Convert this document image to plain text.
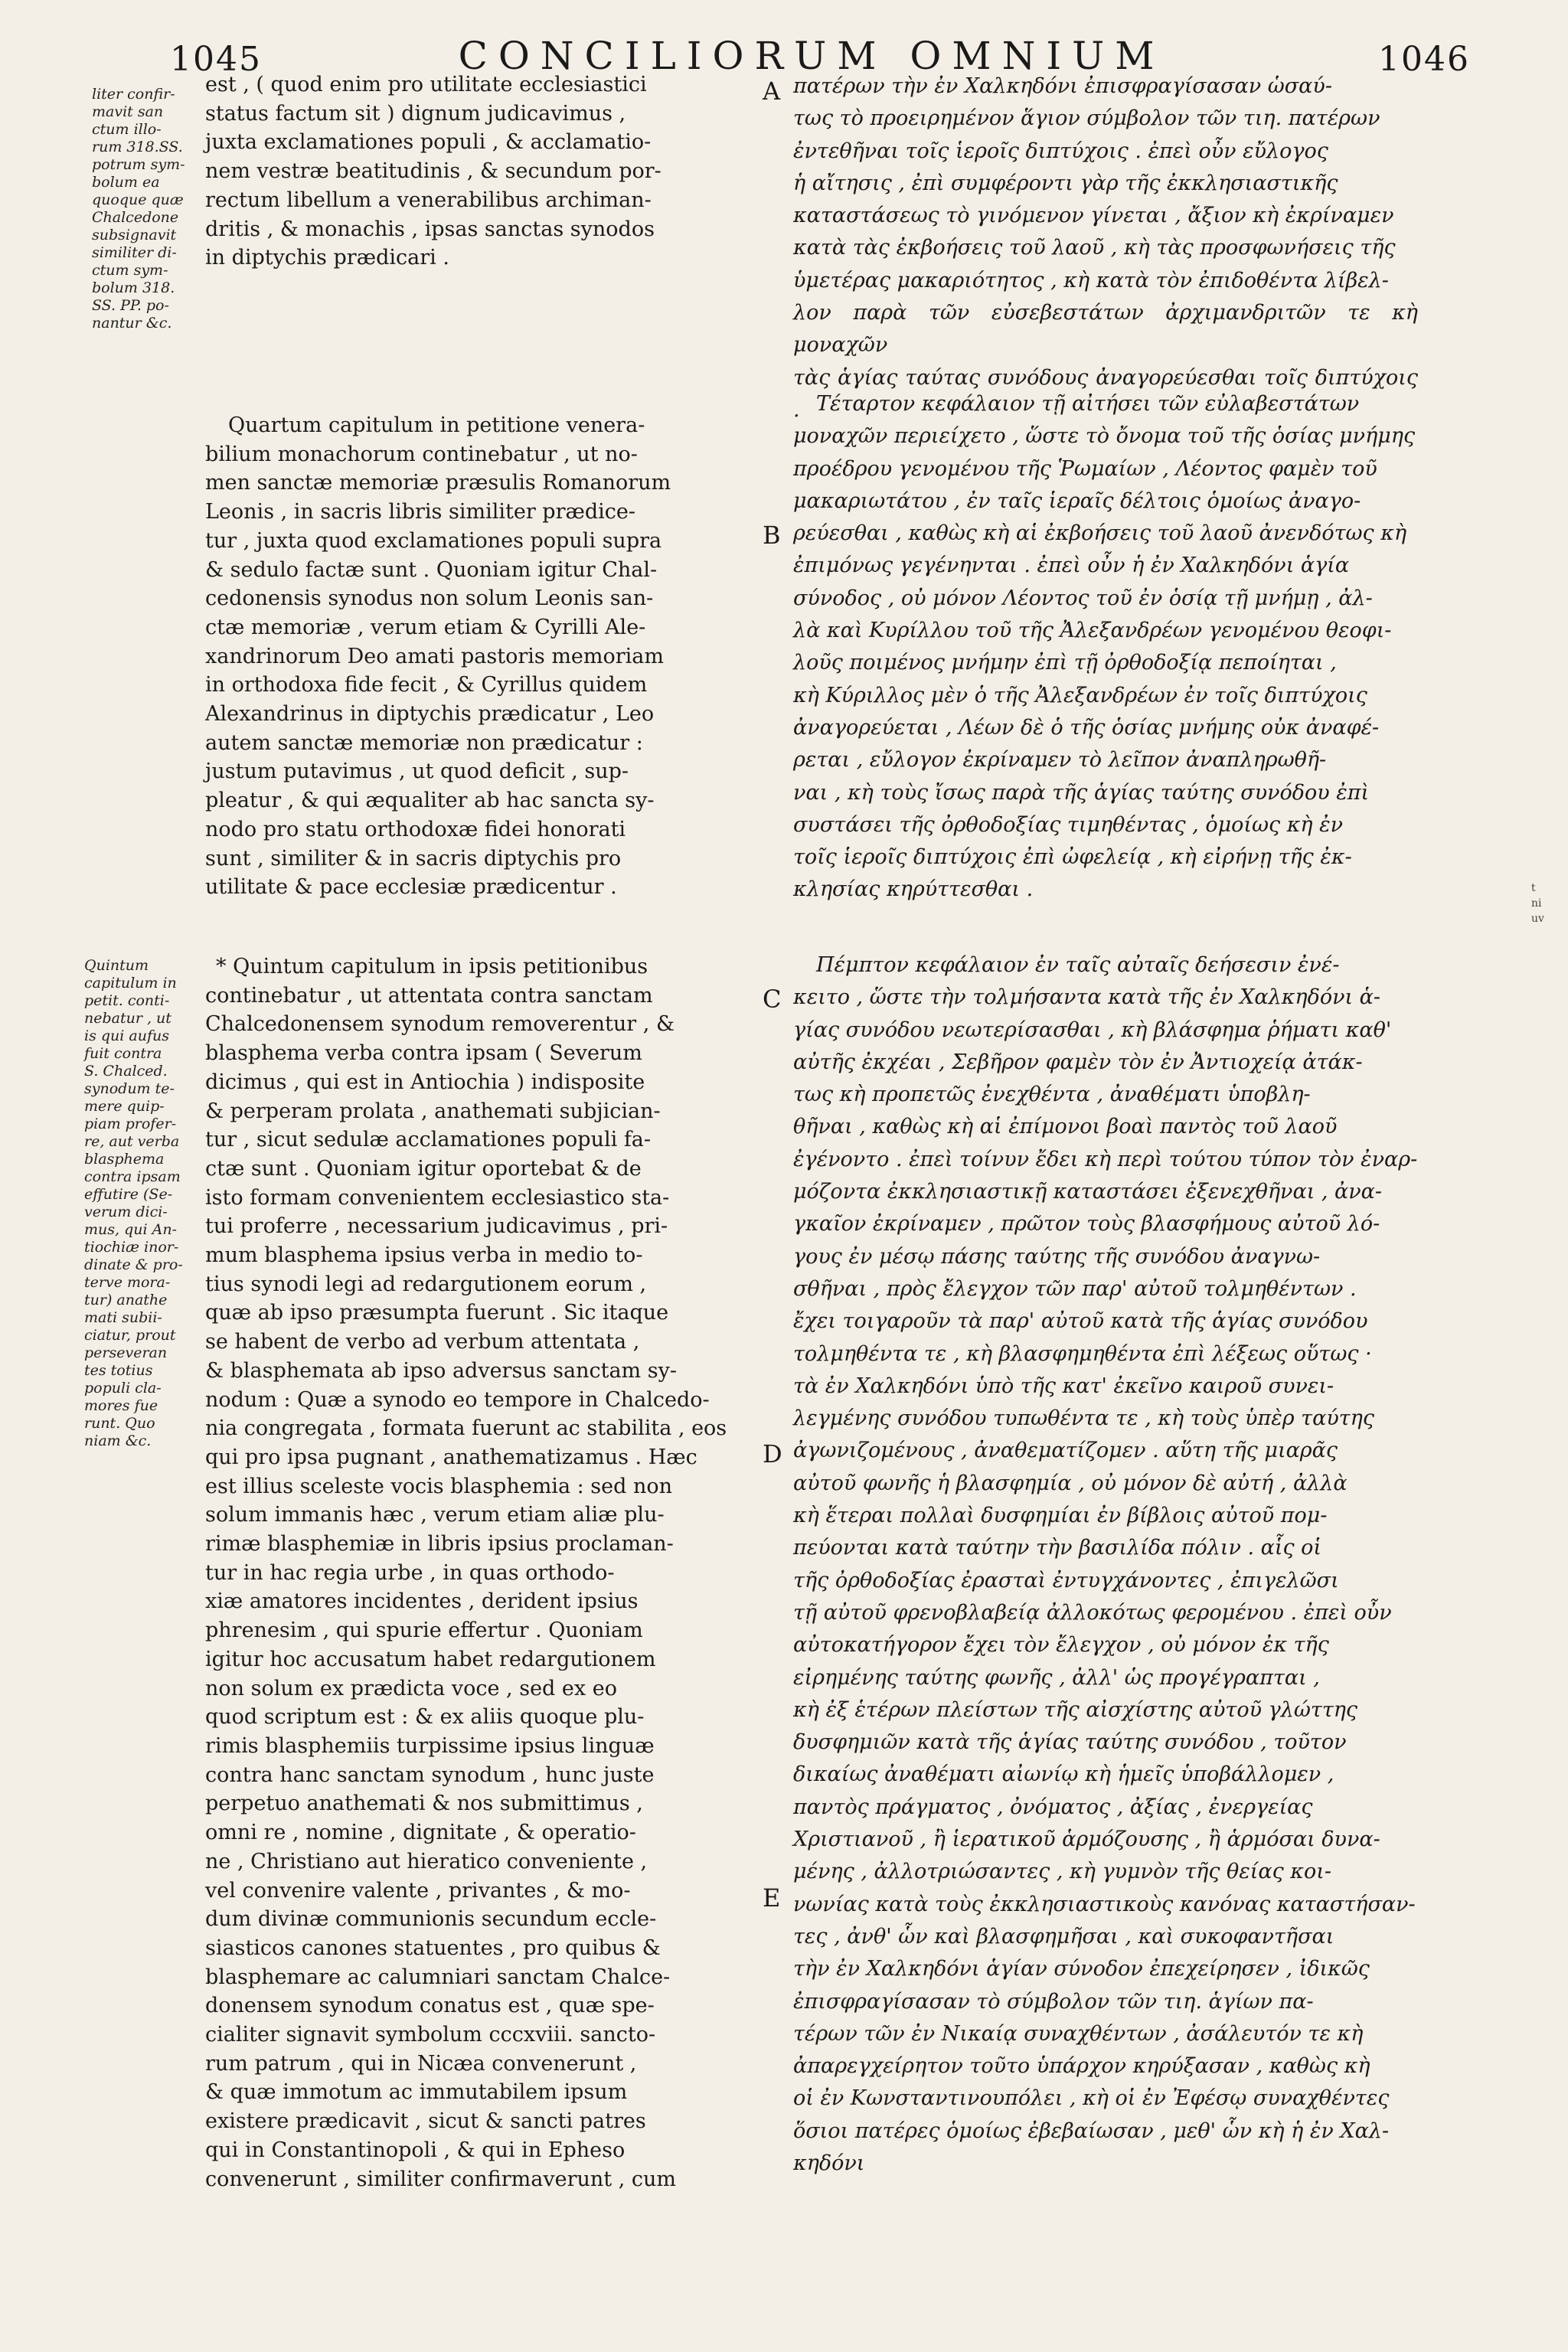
1045	CONCILIORUM OMNIUM	1046
liter confir-
mavit san
ctum illo-
rum 318.SS.
potrum sym-
bolum ea
quoque quæ
Chalcedone
subsignavit
similiter di-
ctum sym-
bolum 318.
SS. PP. po-
nantur &c.
Quintum
capitulum in
petit. conti-
nebatur , ut
is qui aufus
fuit contra
S. Chalced.
synodum te-
mere quip-
piam profer-
re, aut verba
blasphema
contra ipsam
effutire (Se-
verum dici-
mus, qui An-
tiochiæ inor-
dinate & pro-
terve mora-
tur) anathe
mati subii-
ciatur, prout
perseveran
tes totius
populi cla-
mores fue
runt. Quo
niam &c.

est , ( quod enim pro utilitate ecclesiastici
status factum sit ) dignum judicavimus ,
juxta exclamationes populi , & acclamatio-
nem vestræ beatitudinis , & secundum por-
rectum libellum a venerabilibus archiman-
dritis , & monachis , ipsas sanctas synodos
in diptychis prædicari .

Quartum capitulum in petitione venera-
bilium monachorum continebatur , ut no-
men sanctæ memoriæ præsulis Romanorum
Leonis , in sacris libris similiter prædice-
tur , juxta quod exclamationes populi supra
& sedulo factæ sunt . Quoniam igitur Chal-
cedonensis synodus non solum Leonis san-
ctæ memoriæ , verum etiam & Cyrilli Ale-
xandrinorum Deo amati pastoris memoriam
in orthodoxa fide fecit , & Cyrillus quidem
Alexandrinus in diptychis prædicatur , Leo
autem sanctæ memoriæ non prædicatur :
justum putavimus , ut quod deficit , sup-
pleatur , & qui æqualiter ab hac sancta sy-
nodo pro statu orthodoxæ fidei honorati
sunt , similiter & in sacris diptychis pro
utilitate & pace ecclesiæ prædicentur .

* Quintum capitulum in ipsis petitionibus
continebatur , ut attentata contra sanctam
Chalcedonensem synodum removerentur , &
blasphema verba contra ipsam ( Severum
dicimus , qui est in Antiochia ) indisposite
& perperam prolata , anathemati subjician-
tur , sicut sedulæ acclamationes populi fa-
ctæ sunt . Quoniam igitur oportebat & de
isto formam convenientem ecclesiastico sta-
tui proferre , necessarium judicavimus , pri-
mum blasphema ipsius verba in medio to-
tius synodi legi ad redargutionem eorum ,
quæ ab ipso præsumpta fuerunt . Sic itaque
se habent de verbo ad verbum attentata ,
& blasphemata ab ipso adversus sanctam sy-
nodum : Quæ a synodo eo tempore in Chalcedo-
nia congregata , formata fuerunt ac stabilita , eos
qui pro ipsa pugnant , anathematizamus . Hæc
est illius sceleste vocis blasphemia : sed non
solum immanis hæc , verum etiam aliæ plu-
rimæ blasphemiæ in libris ipsius proclaman-
tur in hac regia urbe , in quas orthodo-
xiæ amatores incidentes , derident ipsius
phrenesim , qui spurie effertur . Quoniam
igitur hoc accusatum habet redargutionem
non solum ex prædicta voce , sed ex eo
quod scriptum est : & ex aliis quoque plu-
rimis blasphemiis turpissime ipsius linguæ
contra hanc sanctam synodum , hunc juste
perpetuo anathemati & nos submittimus ,
omni re , nomine , dignitate , & operatio-
ne , Christiano aut hieratico conveniente ,
vel convenire valente , privantes , & mo-
dum divinæ communionis secundum eccle-
siasticos canones statuentes , pro quibus &
blasphemare ac calumniari sanctam Chalce-
donensem synodum conatus est , quæ spe-
cialiter signavit symbolum cccxviii. sancto-
rum patrum , qui in Nicæa convenerunt ,
& quæ immotum ac immutabilem ipsum
existere prædicavit , sicut & sancti patres
qui in Constantinopoli , & qui in Epheso
convenerunt , similiter confirmaverunt , cum

A
B
C
D
E

πατέρων τὴν ἐν Χαλκηδόνι ἐπισφραγίσασαν ὡσαύ-
τως τὸ προειρημένον ἅγιον σύμβολον τῶν τιη. πατέρων
ἐντεθῆναι τοῖς ἱεροῖς διπτύχοις . ἐπεὶ οὖν εὔλογος
ἡ αἴτησις , ἐπὶ συμφέροντι γὰρ τῆς ἐκκλησιαστικῆς
καταστάσεως τὸ γινόμενον γίνεται , ἄξιον κὴ ἐκρίναμεν
κατὰ τὰς ἐκβοήσεις τοῦ λαοῦ , κὴ τὰς προσφωνήσεις τῆς
ὑμετέρας μακαριότητος , κὴ κατὰ τὸν ἐπιδοθέντα λίβελ-
λον παρὰ τῶν εὐσεβεστάτων ἀρχιμανδριτῶν τε κὴ μοναχῶν
τὰς ἁγίας ταύτας συνόδους ἀναγορεύεσθαι τοῖς διπτύχοις . Τέταρτον κεφάλαιον τῇ αἰτήσει τῶν εὐλαβεστάτων
μοναχῶν περιείχετο , ὥστε τὸ ὄνομα τοῦ τῆς ὁσίας μνήμης
προέδρου γενομένου τῆς Ῥωμαίων , Λέοντος φαμὲν τοῦ
μακαριωτάτου , ἐν ταῖς ἱεραῖς δέλτοις ὁμοίως ἀναγο-
ρεύεσθαι , καθὼς κὴ αἱ ἐκβοήσεις τοῦ λαοῦ ἀνενδότως κὴ
ἐπιμόνως γεγένηνται . ἐπεὶ οὖν ἡ ἐν Χαλκηδόνι ἁγία
σύνοδος , οὐ μόνον Λέοντος τοῦ ἐν ὁσίᾳ τῇ μνήμῃ , ἀλ-
λὰ καὶ Κυρίλλου τοῦ τῆς Ἀλεξανδρέων γενομένου θεοφι-
λοῦς ποιμένος μνήμην ἐπὶ τῇ ὀρθοδοξίᾳ πεποίηται ,
κὴ Κύριλλος μὲν ὁ τῆς Ἀλεξανδρέων ἐν τοῖς διπτύχοις
ἀναγορεύεται , Λέων δὲ ὁ τῆς ὁσίας μνήμης οὐκ ἀναφέ-
ρεται , εὔλογον ἐκρίναμεν τὸ λεῖπον ἀναπληρωθῆ-
ναι , κὴ τοὺς ἴσως παρὰ τῆς ἁγίας ταύτης συνόδου ἐπὶ
συστάσει τῆς ὀρθοδοξίας τιμηθέντας , ὁμοίως κὴ ἐν
τοῖς ἱεροῖς διπτύχοις ἐπὶ ὠφελείᾳ , κὴ εἰρήνῃ τῆς ἐκ-
κλησίας κηρύττεσθαι .

Πέμπτον κεφάλαιον ἐν ταῖς αὐταῖς δεήσεσιν ἐνέ-
κειτο , ὥστε τὴν τολμήσαντα κατὰ τῆς ἐν Χαλκηδόνι ἁ-
γίας συνόδου νεωτερίσασθαι , κὴ βλάσφημα ῥήματι καθ'
αὐτῆς ἐκχέαι , Σεβῆρον φαμὲν τὸν ἐν Ἀντιοχείᾳ ἀτάκ-
τως κὴ προπετῶς ἐνεχθέντα , ἀναθέματι ὑποβλη-
θῆναι , καθὼς κὴ αἱ ἐπίμονοι βοαὶ παντὸς τοῦ λαοῦ
ἐγένοντο . ἐπεὶ τοίνυν ἔδει κὴ περὶ τούτου τύπον τὸν ἐναρ-
μόζοντα ἐκκλησιαστικῇ καταστάσει ἐξενεχθῆναι , ἀνα-
γκαῖον ἐκρίναμεν , πρῶτον τοὺς βλασφήμους αὐτοῦ λό-
γους ἐν μέσῳ πάσης ταύτης τῆς συνόδου ἀναγνω-
σθῆναι , πρὸς ἔλεγχον τῶν παρ' αὐτοῦ τολμηθέντων .
ἔχει τοιγαροῦν τὰ παρ' αὐτοῦ κατὰ τῆς ἁγίας συνόδου
τολμηθέντα τε , κὴ βλασφημηθέντα ἐπὶ λέξεως οὕτως ·
τὰ ἐν Χαλκηδόνι ὑπὸ τῆς κατ' ἐκεῖνο καιροῦ συνει-
λεγμένης συνόδου τυπωθέντα τε , κὴ τοὺς ὑπὲρ ταύτης
ἀγωνιζομένους , ἀναθεματίζομεν . αὕτη τῆς μιαρᾶς
αὐτοῦ φωνῆς ἡ βλασφημία , οὐ μόνον δὲ αὐτή , ἀλλὰ
κὴ ἕτεραι πολλαὶ δυσφημίαι ἐν βίβλοις αὐτοῦ πομ-
πεύονται κατὰ ταύτην τὴν βασιλίδα πόλιν . αἷς οἱ
τῆς ὀρθοδοξίας ἐρασταὶ ἐντυγχάνοντες , ἐπιγελῶσι
τῇ αὐτοῦ φρενοβλαβείᾳ ἀλλοκότως φερομένου . ἐπεὶ οὖν
αὐτοκατήγορον ἔχει τὸν ἔλεγχον , οὐ μόνον ἐκ τῆς
εἰρημένης ταύτης φωνῆς , ἀλλ' ὡς προγέγραπται ,
κὴ ἐξ ἑτέρων πλείστων τῆς αἰσχίστης αὐτοῦ γλώττης
δυσφημιῶν κατὰ τῆς ἁγίας ταύτης συνόδου , τοῦτον
δικαίως ἀναθέματι αἰωνίῳ κὴ ἡμεῖς ὑποβάλλομεν ,
παντὸς πράγματος , ὀνόματος , ἀξίας , ἐνεργείας
Χριστιανοῦ , ἢ ἱερατικοῦ ἁρμόζουσης , ἢ ἁρμόσαι δυνα-
μένης , ἀλλοτριώσαντες , κὴ γυμνὸν τῆς θείας κοι-
νωνίας κατὰ τοὺς ἐκκλησιαστικοὺς κανόνας καταστήσαν-
τες , ἀνθ' ὧν καὶ βλασφημῆσαι , καὶ συκοφαντῆσαι
τὴν ἐν Χαλκηδόνι ἁγίαν σύνοδον ἐπεχείρησεν , ἰδικῶς
ἐπισφραγίσασαν τὸ σύμβολον τῶν τιη. ἁγίων πα-
τέρων τῶν ἐν Νικαίᾳ συναχθέντων , ἀσάλευτόν τε κὴ
ἀπαρεγχείρητον τοῦτο ὑπάρχον κηρύξασαν , καθὼς κὴ
οἱ ἐν Κωνσταντινουπόλει , κὴ οἱ ἐν Ἐφέσῳ συναχθέντες
ὅσιοι πατέρες ὁμοίως ἐβεβαίωσαν , μεθ' ὧν κὴ ἡ ἐν Χαλ-
κηδόνι

t
ni
uv
